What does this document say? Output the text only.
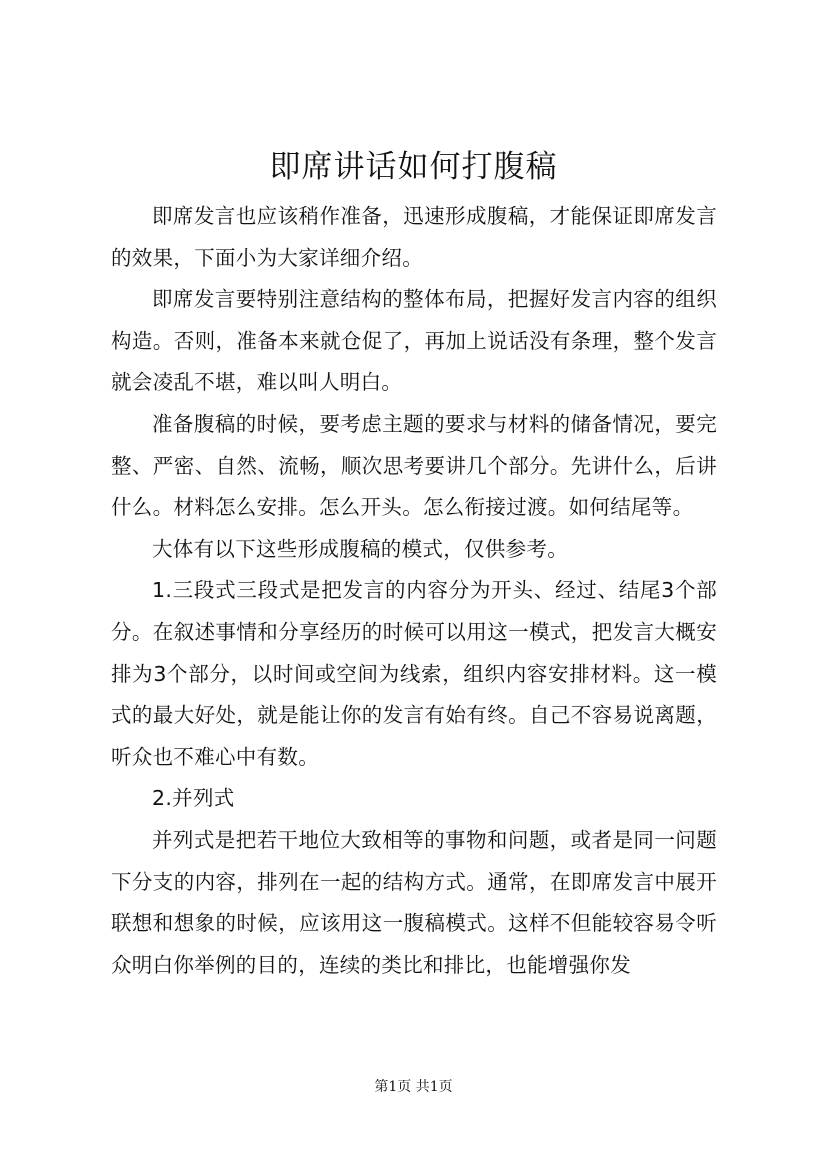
即席讲话如何打腹稿

即席发言也应该稍作准备，迅速形成腹稿，才能保证即席发言的效果，下面小为大家详细介绍。

即席发言要特别注意结构的整体布局，把握好发言内容的组织构造。否则，准备本来就仓促了，再加上说话没有条理，整个发言就会凌乱不堪，难以叫人明白。

准备腹稿的时候，要考虑主题的要求与材料的储备情况，要完整、严密、自然、流畅，顺次思考要讲几个部分。先讲什么，后讲什么。材料怎么安排。怎么开头。怎么衔接过渡。如何结尾等。

大体有以下这些形成腹稿的模式，仅供参考。

1.三段式三段式是把发言的内容分为开头、经过、结尾3个部分。在叙述事情和分享经历的时候可以用这一模式，把发言大概安排为3个部分，以时间或空间为线索，组织内容安排材料。这一模式的最大好处，就是能让你的发言有始有终。自己不容易说离题，听众也不难心中有数。

2.并列式

并列式是把若干地位大致相等的事物和问题，或者是同一问题下分支的内容，排列在一起的结构方式。通常，在即席发言中展开联想和想象的时候，应该用这一腹稿模式。这样不但能较容易令听众明白你举例的目的，连续的类比和排比，也能增强你发

第1页 共1页
